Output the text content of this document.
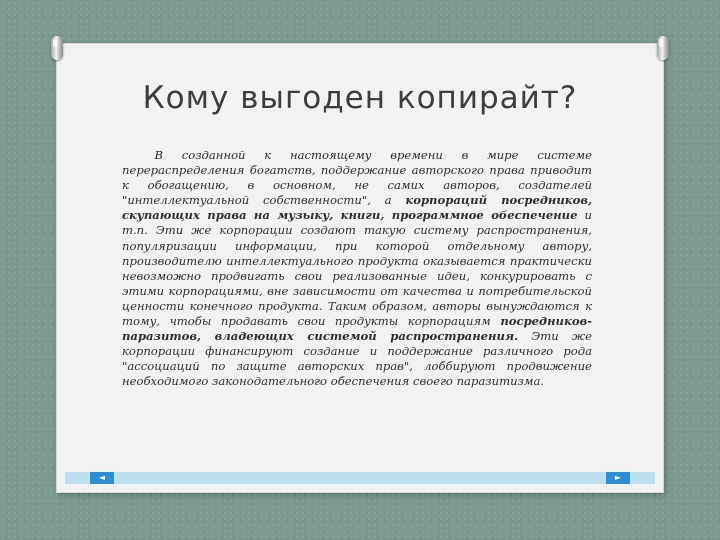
Кому выгоден копирайт?

В созданной к настоящему времени в мире системе перераспределения богатств, поддержание авторского права приводит к обогащению, в основном, не самих авторов, создателей "интеллектуальной собственности", а корпораций посредников, скупающих права на музыку, книги, программное обеспечение и т.п. Эти же корпорации создают такую систему распространения, популяризации информации, при которой отдельному автору, производителю интеллектуального продукта оказывается практически невозможно продвигать свои реализованные идеи, конкурировать с этими корпорациями, вне зависимости от качества и потребительской ценности конечного продукта. Таким образом, авторы вынуждаются к тому, чтобы продавать свои продукты корпорациям посредников-паразитов, владеющих системой распространения. Эти же корпорации финансируют создание и поддержание различного рода "ассоциаций по защите авторских прав", лоббируют продвижение необходимого законодательного обеспечения своего паразитизма.

◄	►
